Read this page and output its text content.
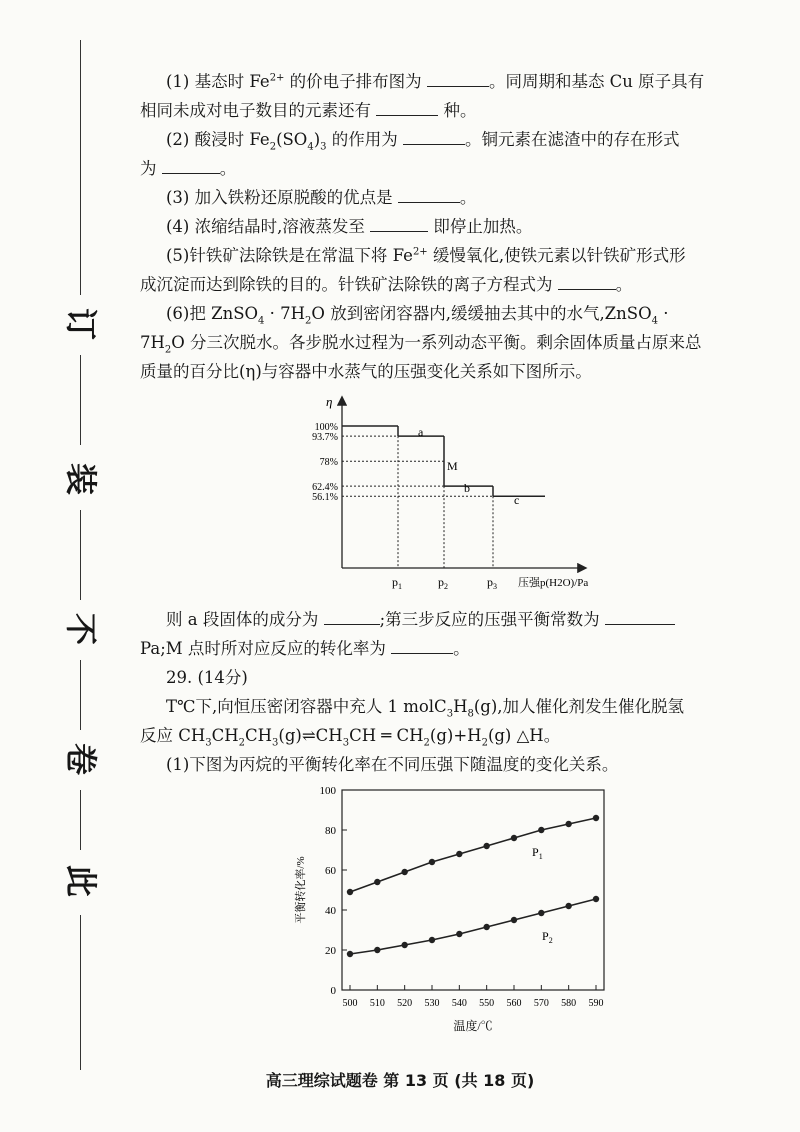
订
装
不
卷
此

(1) 基态时 $Fe^{2+}$ 的价电子排布图为	。同周期和基态 Cu 原子具有

相同未成对电子数目的元素还有	种。

(2) 酸浸时 $Fe_2(SO_4)_3$ 的作用为	。铜元素在滤渣中的存在形式

为	。

(3) 加入铁粉还原脱酸的优点是	。

(4) 浓缩结晶时,溶液蒸发至	即停止加热。

(5)针铁矿法除铁是在常温下将 $Fe^{2+}$ 缓慢氧化,使铁元素以针铁矿形式形

成沉淀而达到除铁的目的。针铁矿法除铁的离子方程式为	。

(6)把 ZnSO$_4$ · $7H_2O$ 放到密闭容器内,缓缓抽去其中的水气,ZnSO$_4$ ·

$7H_2O$ 分三次脱水。各步脱水过程为一系列动态平衡。剩余固体质量占原来总

质量的百分比(η)与容器中水蒸气的压强变化关系如下图所示。

η
100%
93.7%
78%
62.4%
56.1%
$p_1$	$p_2$	$p_3$ 压强p(H2O)/Pa
a
M
b
c

则 a 段固体的成分为	;第三步反应的压强平衡常数为

Pa;M 点时所对应反应的转化率为	。

29. (14分)

T℃下,向恒压密闭容器中充人 1 $molC_3H_8(g)$,加人催化剂发生催化脱氢

反应 $CH_3CH_2CH_3(g)\rightleftharpoons CH_3CH$ ═ $CH_2(g)+H_2(g)$ △H。

(1)下图为丙烷的平衡转化率在不同压强下随温度的变化关系。

0
20
40
60
80
100
500 510 520 530 540 550 560 570 580 590
平衡转化率/%
温度/℃
$P_1$
$P_2$
高三理综试题卷 第 13 页 (共 18 页)
